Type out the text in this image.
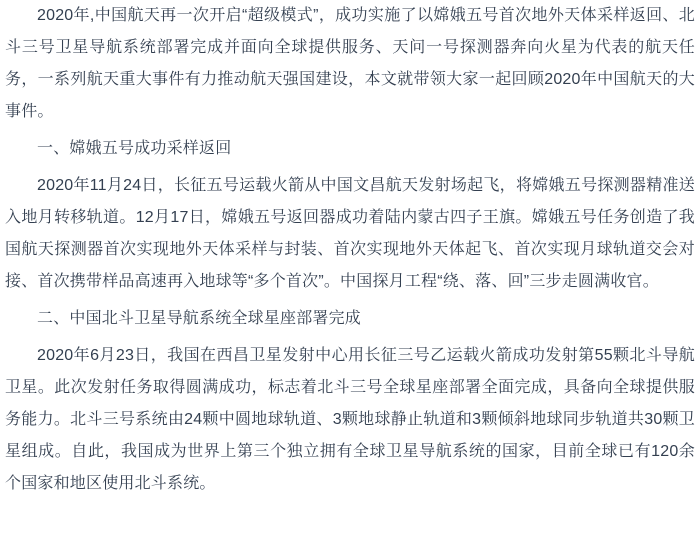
2020年,中国航天再一次开启“超级模式”，成功实施了以嫦娥五号首次地外天体采样返回、北斗三号卫星导航系统部署完成并面向全球提供服务、天问一号探测器奔向火星为代表的航天任务，一系列航天重大事件有力推动航天强国建设，本文就带领大家一起回顾2020年中国航天的大事件。

一、嫦娥五号成功采样返回

2020年11月24日，长征五号运载火箭从中国文昌航天发射场起飞，将嫦娥五号探测器精准送入地月转移轨道。12月17日，嫦娥五号返回器成功着陆内蒙古四子王旗。嫦娥五号任务创造了我国航天探测器首次实现地外天体采样与封装、首次实现地外天体起飞、首次实现月球轨道交会对接、首次携带样品高速再入地球等“多个首次”。中国探月工程“绕、落、回”三步走圆满收官。

二、中国北斗卫星导航系统全球星座部署完成

2020年6月23日，我国在西昌卫星发射中心用长征三号乙运载火箭成功发射第55颗北斗导航卫星。此次发射任务取得圆满成功，标志着北斗三号全球星座部署全面完成，具备向全球提供服务能力。北斗三号系统由24颗中圆地球轨道、3颗地球静止轨道和3颗倾斜地球同步轨道共30颗卫星组成。自此，我国成为世界上第三个独立拥有全球卫星导航系统的国家，目前全球已有120余个国家和地区使用北斗系统。
